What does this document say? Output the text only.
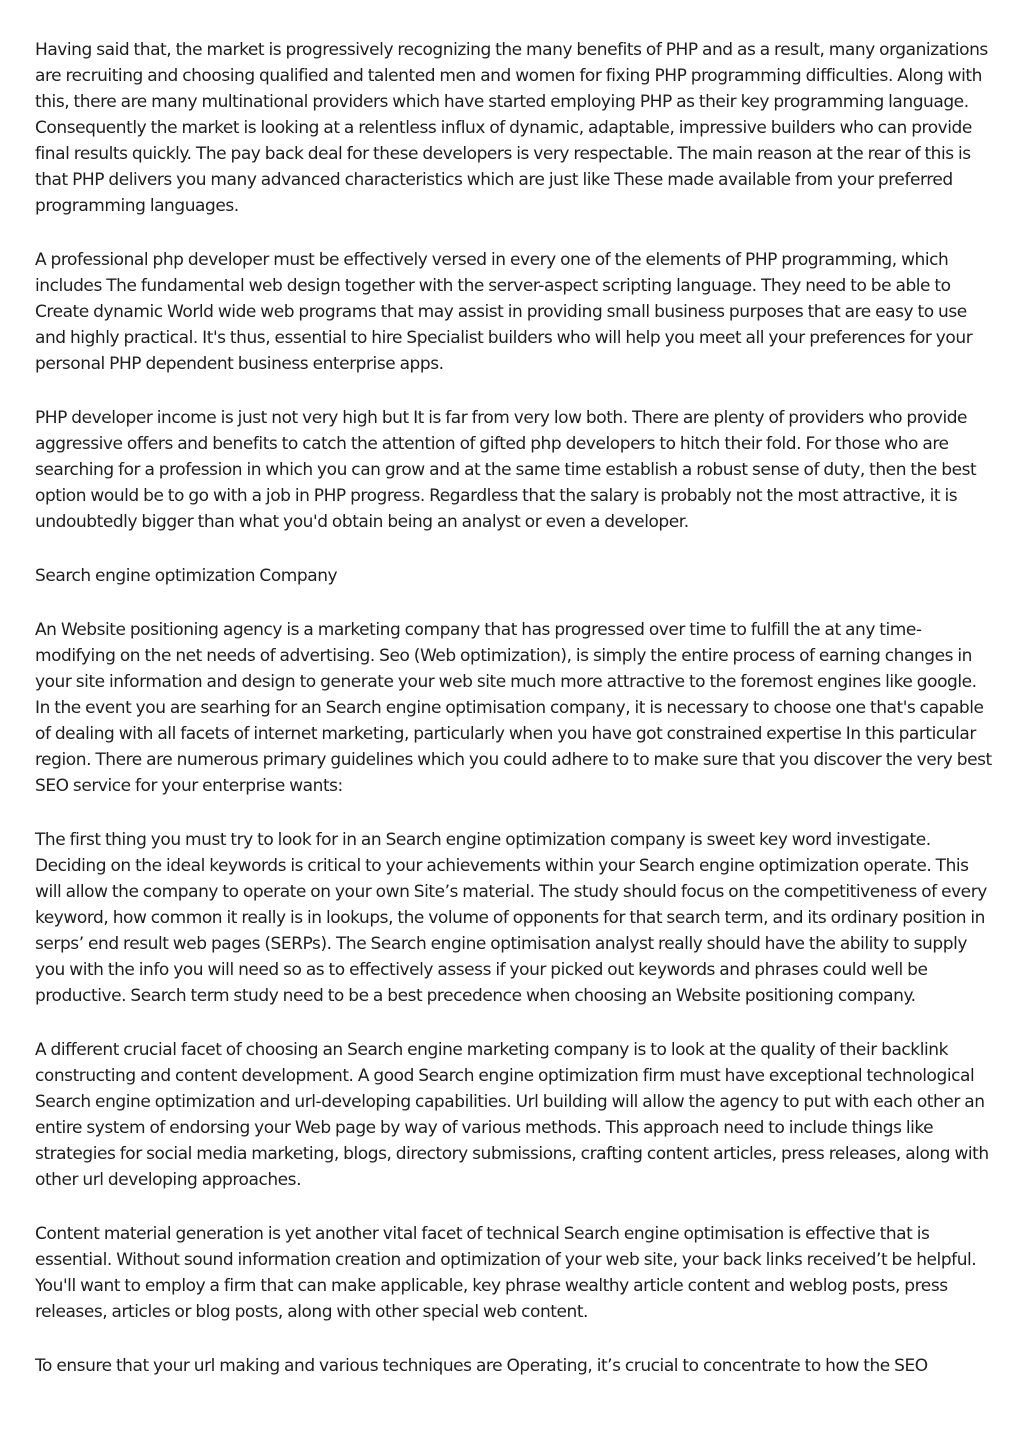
Having said that, the market is progressively recognizing the many benefits of PHP and as a result, many organizations are recruiting and choosing qualified and talented men and women for fixing PHP programming difficulties. Along with this, there are many multinational providers which have started employing PHP as their key programming language. Consequently the market is looking at a relentless influx of dynamic, adaptable, impressive builders who can provide final results quickly. The pay back deal for these developers is very respectable. The main reason at the rear of this is that PHP delivers you many advanced characteristics which are just like These made available from your preferred programming languages.

A professional php developer must be effectively versed in every one of the elements of PHP programming, which includes The fundamental web design together with the server-aspect scripting language. They need to be able to Create dynamic World wide web programs that may assist in providing small business purposes that are easy to use and highly practical. It's thus, essential to hire Specialist builders who will help you meet all your preferences for your personal PHP dependent business enterprise apps.

PHP developer income is just not very high but It is far from very low both. There are plenty of providers who provide aggressive offers and benefits to catch the attention of gifted php developers to hitch their fold. For those who are searching for a profession in which you can grow and at the same time establish a robust sense of duty, then the best option would be to go with a job in PHP progress. Regardless that the salary is probably not the most attractive, it is undoubtedly bigger than what you'd obtain being an analyst or even a developer.

Search engine optimization Company

An Website positioning agency is a marketing company that has progressed over time to fulfill the at any time-modifying on the net needs of advertising. Seo (Web optimization), is simply the entire process of earning changes in your site information and design to generate your web site much more attractive to the foremost engines like google. In the event you are searhing for an Search engine optimisation company, it is necessary to choose one that's capable of dealing with all facets of internet marketing, particularly when you have got constrained expertise In this particular region. There are numerous primary guidelines which you could adhere to to make sure that you discover the very best SEO service for your enterprise wants:

The first thing you must try to look for in an Search engine optimization company is sweet key word investigate. Deciding on the ideal keywords is critical to your achievements within your Search engine optimization operate. This will allow the company to operate on your own Site’s material. The study should focus on the competitiveness of every keyword, how common it really is in lookups, the volume of opponents for that search term, and its ordinary position in serps’ end result web pages (SERPs). The Search engine optimisation analyst really should have the ability to supply you with the info you will need so as to effectively assess if your picked out keywords and phrases could well be productive. Search term study need to be a best precedence when choosing an Website positioning company.

A different crucial facet of choosing an Search engine marketing company is to look at the quality of their backlink constructing and content development. A good Search engine optimization firm must have exceptional technological Search engine optimization and url-developing capabilities. Url building will allow the agency to put with each other an entire system of endorsing your Web page by way of various methods. This approach need to include things like strategies for social media marketing, blogs, directory submissions, crafting content articles, press releases, along with other url developing approaches.

Content material generation is yet another vital facet of technical Search engine optimisation is effective that is essential. Without sound information creation and optimization of your web site, your back links received’t be helpful. You'll want to employ a firm that can make applicable, key phrase wealthy article content and weblog posts, press releases, articles or blog posts, along with other special web content.

To ensure that your url making and various techniques are Operating, it’s crucial to concentrate to how the SEO
